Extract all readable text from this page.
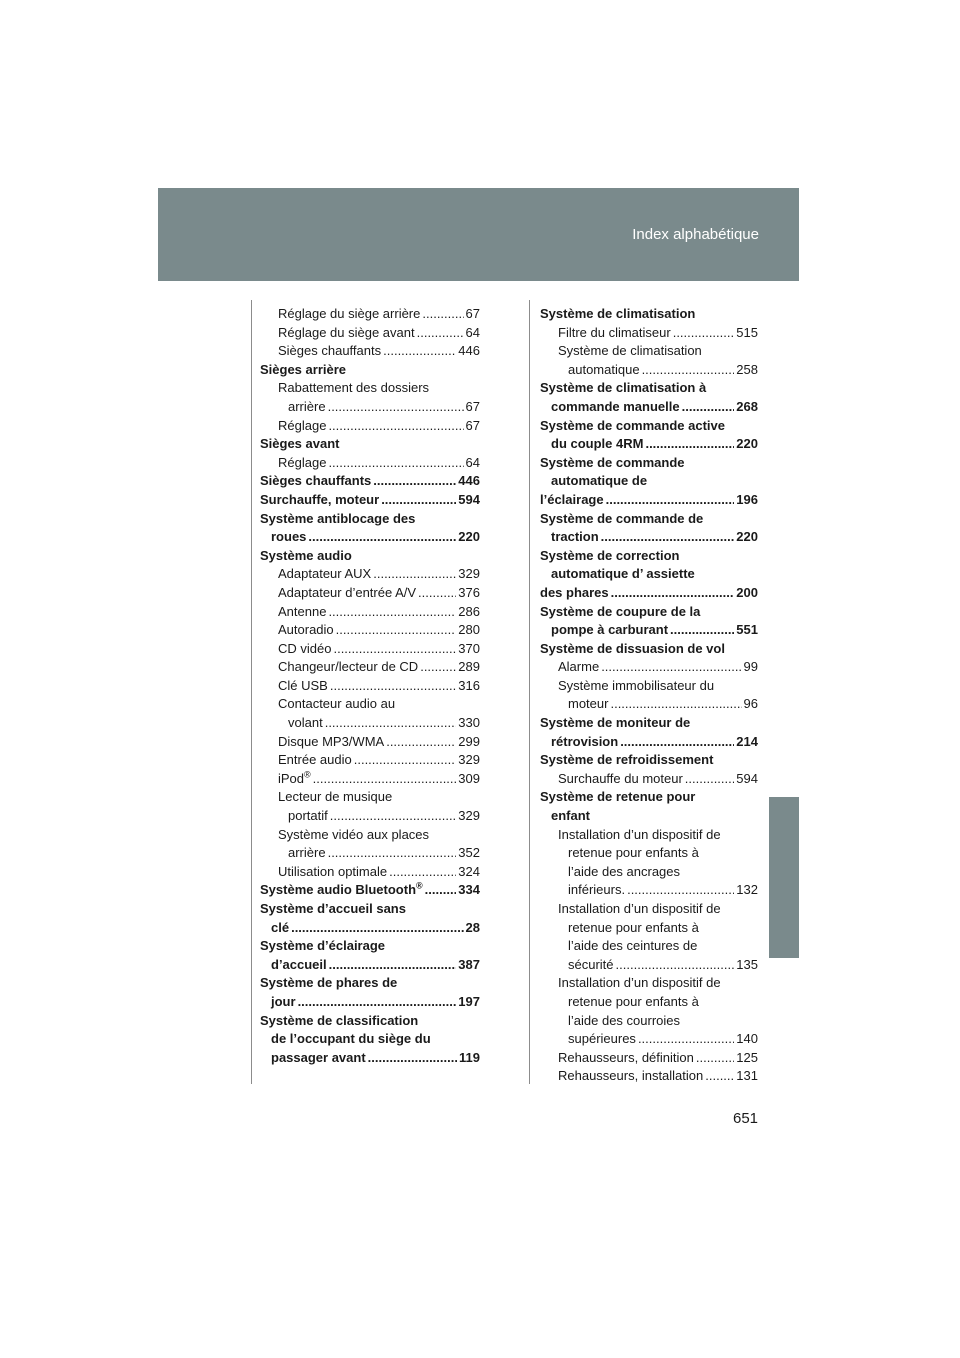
Index alphabétique
Réglage du siège arrière .....	67
Réglage du siège avant .....	64
Sièges chauffants .....	446
Sièges arrière
Rabattement des dossiers
arrière .....	67
Réglage .....	67
Sièges avant
Réglage .....	64
Sièges chauffants .....	446
Surchauffe, moteur .....	594
Système antiblocage des
roues .....	220
Système audio
Adaptateur AUX .....	329
Adaptateur d’entrée A/V .....	376
Antenne .....	286
Autoradio .....	280
CD vidéo .....	370
Changeur/lecteur de CD .....	289
Clé USB .....	316
Contacteur audio au
volant .....	330
Disque MP3/WMA .....	299
Entrée audio .....	329
iPod® .....	309
Lecteur de musique
portatif .....	329
Système vidéo aux places
arrière .....	352
Utilisation optimale .....	324
Système audio Bluetooth® .....	334
Système d’accueil sans
clé .....	28
Système d’éclairage
d’accueil .....	387
Système de phares de
jour .....	197
Système de classification
de l’occupant du siège du
passager avant .....	119
Système de climatisation
Filtre du climatiseur .....	515
Système de climatisation
automatique .....	258
Système de climatisation à
commande manuelle .....	268
Système de commande active
du couple 4RM .....	220
Système de commande
automatique de
l’éclairage .....	196
Système de commande de
traction .....	220
Système de correction
automatique d’ assiette
des phares .....	200
Système de coupure de la
pompe à carburant .....	551
Système de dissuasion de vol
Alarme .....	99
Système immobilisateur du
moteur .....	96
Système de moniteur de
rétrovision .....	214
Système de refroidissement
Surchauffe du moteur .....	594
Système de retenue pour
enfant
Installation d’un dispositif de
retenue pour enfants à
l’aide des ancrages
inférieurs. .....	132
Installation d’un dispositif de
retenue pour enfants à
l’aide des ceintures de
sécurité .....	135
Installation d’un dispositif de
retenue pour enfants à
l’aide des courroies
supérieures .....	140
Rehausseurs, définition .....	125
Rehausseurs, installation .....	131
651
